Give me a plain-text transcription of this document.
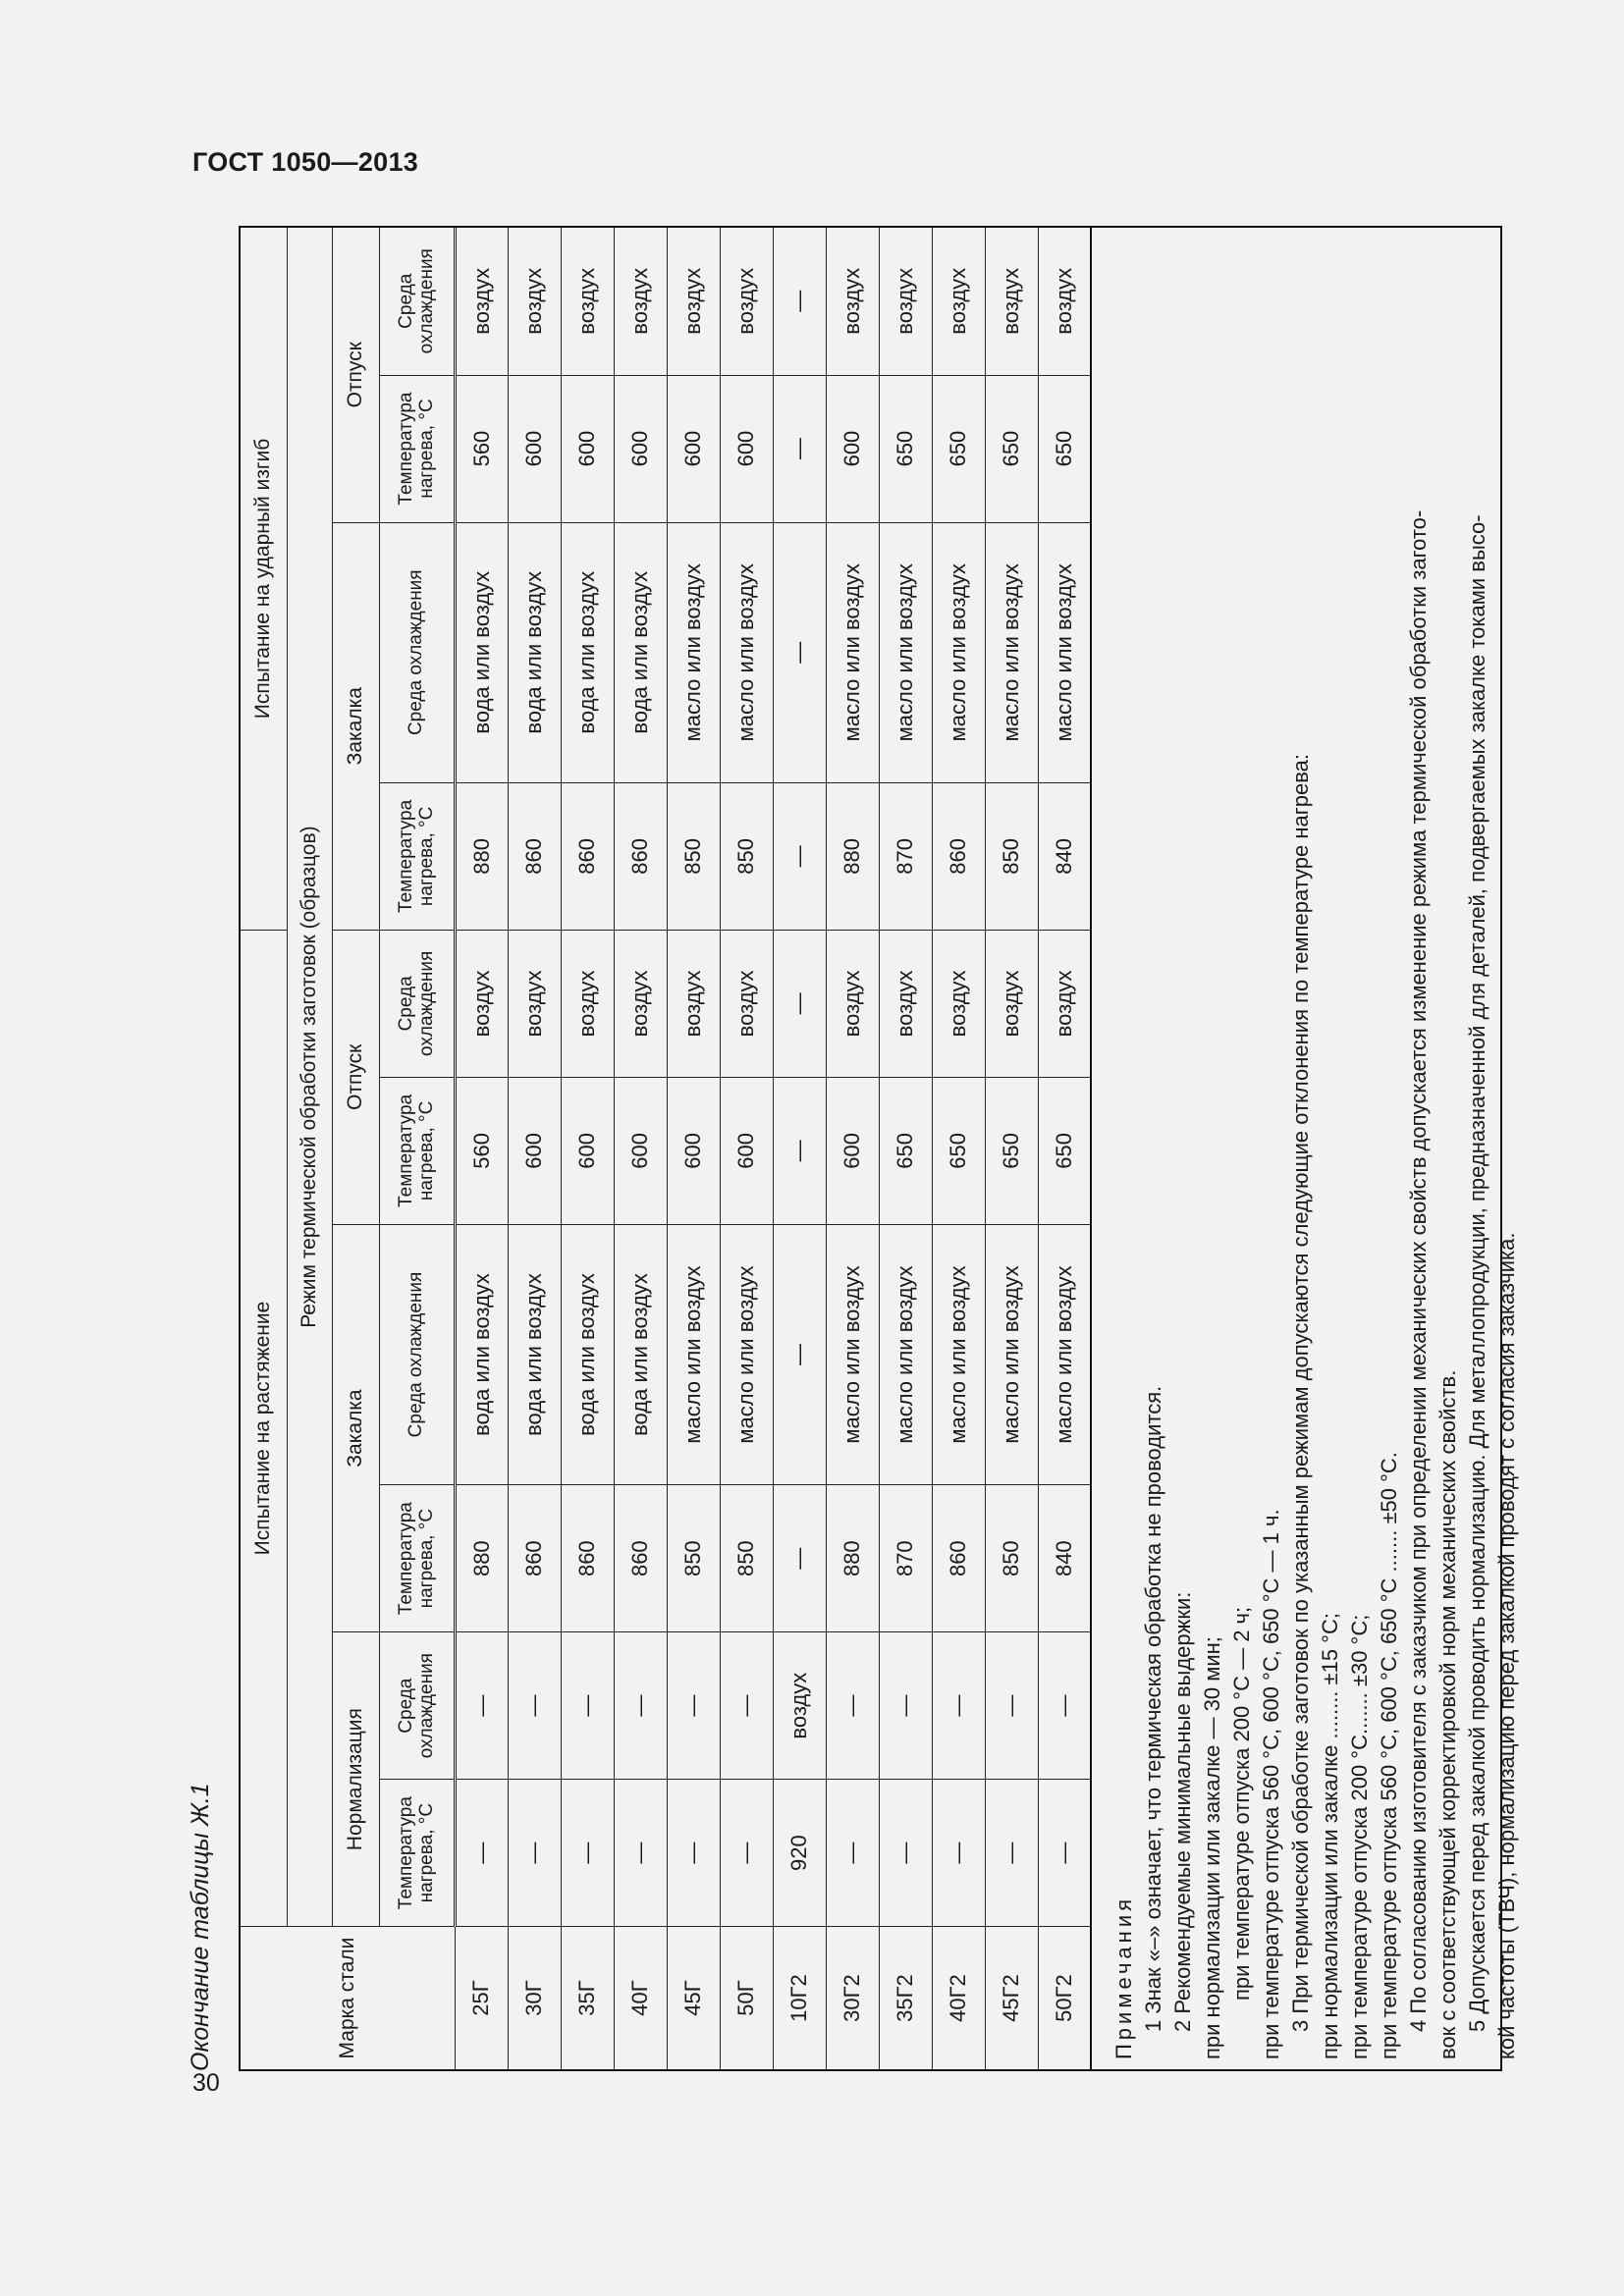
ГОСТ 1050—2013
30
Окончание таблицы Ж.1	Марка стали	Испытание на растяжение						Испытание на ударный изгиб			
	Режим термической обработки заготовок (образцов)									
	Нормализация		Закалка		Отпуск		Закалка		Отпуск	
	Температура нагрева, °С	Среда охлаждения	Температура нагрева, °С	Среда охлаждения	Температура нагрева, °С	Среда охлаждения	Температура нагрева, °С	Среда охлаждения	Температура нагрева, °С	Среда охлаждения
25Г	—	—	880	вода или воздух	560	воздух	880	вода или воздух	560	воздух
30Г	—	—	860	вода или воздух	600	воздух	860	вода или воздух	600	воздух
35Г	—	—	860	вода или воздух	600	воздух	860	вода или воздух	600	воздух
40Г	—	—	860	вода или воздух	600	воздух	860	вода или воздух	600	воздух
45Г	—	—	850	масло или воздух	600	воздух	850	масло или воздух	600	воздух
50Г	—	—	850	масло или воздух	600	воздух	850	масло или воздух	600	воздух
10Г2	920	воздух	—	—	—	—	—	—	—	—
30Г2	—	—	880	масло или воздух	600	воздух	880	масло или воздух	600	воздух
35Г2	—	—	870	масло или воздух	650	воздух	870	масло или воздух	650	воздух
40Г2	—	—	860	масло или воздух	650	воздух	860	масло или воздух	650	воздух
45Г2	—	—	850	масло или воздух	650	воздух	850	масло или воздух	650	воздух
50Г2	—	—	840	масло или воздух	650	воздух	840	масло или воздух	650	воздух
Примечания 1 Знак «–» означает, что термическая обработка не проводится. 2 Рекомендуемые минимальные выдержки: при нормализации или закалке — 30 мин; при температуре отпуска 200 °С — 2 ч; при температуре отпуска 560 °С, 600 °С, 650 °С — 1 ч. 3 При термической обработке заготовок по указанным режимам допускаются следующие отклонения по температуре нагрева: при нормализации или закалке ........ ±15 °С; при температуре отпуска 200 °С....... ±30 °С; при температуре отпуска 560 °С, 600 °С, 650 °С ....... ±50 °С. 4 По согласованию изготовителя с заказчиком при определении механических свойств допускается изменение режима термической обработки загото- вок с соответствующей корректировкой норм механических свойств. 5 Допускается перед закалкой проводить нормализацию. Для металлопродукции, предназначенной для деталей, подвергаемых закалке токами высо- кой частоты (ТВЧ), нормализацию перед закалкой проводят с согласия заказчика.
